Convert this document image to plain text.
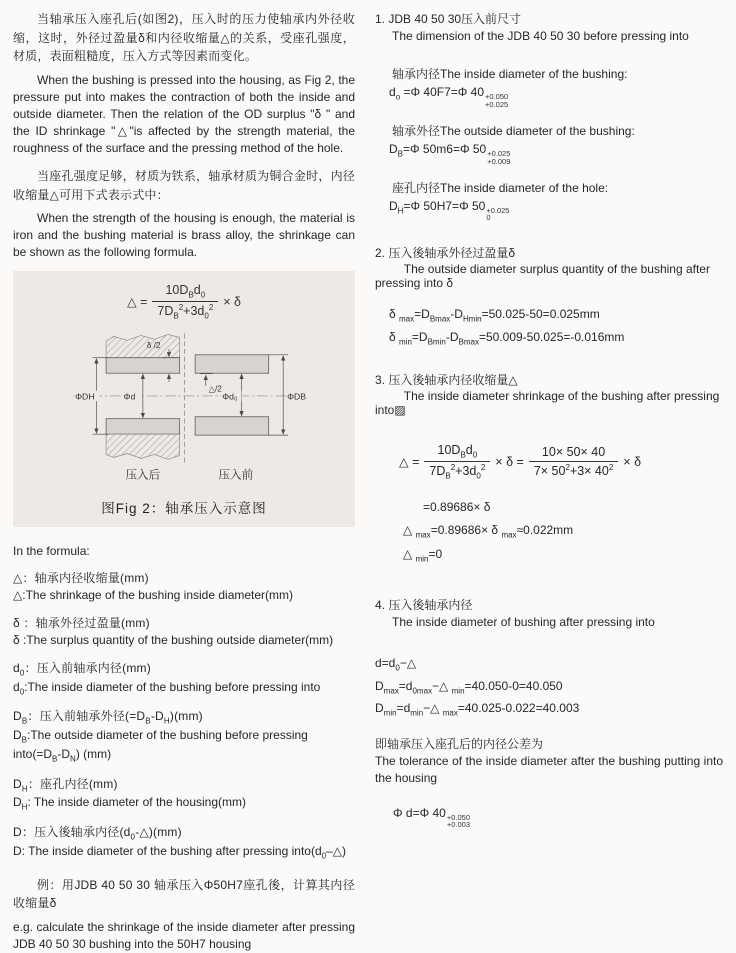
当轴承压入座孔后(如图2)，压入时的压力使轴承内外径收缩，这时，外径过盈量δ和内径收缩量△的关系，受座孔强度，材质，表面粗糙度，压入方式等因素而变化。

When the bushing is pressed into the housing, as Fig 2, the pressure put into makes the contraction of both the inside and outside diameter. Then the relation of the OD surplus "δ " and the ID shrinkage "△"is affected by the strength material, the roughness of the surface and the pressing method of the hole.

当座孔强度足够，材质为铁系，轴承材质为铜合金时，内径收缩量△可用下式表示式中：

When the strength of the housing is enough, the material is iron and the bushing material is brass alloy, the shrinkage can be shown as the following formula.

△ = $\frac{10D_Bd_0}{7D_B^2+3d_0^2} \times \delta$
ΦDH	Φd	Φd₀	ΦDB
δ /2
△/2
压入后	压入前
图Fig 2：轴承压入示意图

In the formula:

△：轴承内径收缩量(mm)
△:The shrinkage of the bushing inside diameter(mm)
δ ：轴承外径过盈量(mm)
δ :The surplus quantity of the bushing outside diameter(mm)
$d_0$：压入前轴承内径(mm)
$d_0:The$ inside diameter of the bushing before pressing into
$D_B$：压入前轴承外径$(=D_B-D_H)(mm)$
$D_B:The$ outside diameter of the bushing before pressing $into(=D_B-D_N)$ (mm)
$D_H$：座孔内径(mm)
$D_H$: The inside diameter of the housing(mm)
D：压入後轴承内径$(d_0-\triangle)(mm)$
D: The inside diameter of the bushing after pressing $into(d_0-\triangle)$

例：用JDB 40 50 30 轴承压入Φ50H7座孔後，计算其内径收缩量δ

e.g. calculate the shrinkage of the inside diameter after pressing JDB 40 50 30 bushing into the 50H7 housing

1. JDB 40 50 30压入前尺寸
The dimension of the JDB 40 50 30 before pressing into
轴承内径The inside diameter of the bushing:
$d_o =\Phi$ 40F7=Φ 40 +0.050
+0.025
轴承外径The outside diameter of the bushing:
$D_B=\Phi$ 50m6=Φ 50 +0.025
+0.009
座孔内径The inside diameter of the hole:
$D_H=\Phi$ 50H7=Φ 50 +0.025
0
2. 压入後轴承外径过盈量δ
The outside diameter surplus quantity of the bushing after pressing into δ
δ $_{max}=D_{Bmax}-D_{Hmin}=50.025-50=0.025mm$
δ $_{min}=D_{Bmin}-D_{Bmax}=50.009-50.025=-0.016mm$
3. 压入後轴承内径收缩量△
The inside diameter shrinkage of the bushing after pressing into▨
△ = $\frac{10D_Bd_0}{7D_B^2+3d_0^2} \times \delta = \frac{10\times 50\times 40}{7\times 50^2+3\times 40^2} \times \delta$
=0.89686× δ
△ $_{max}$=0.89686× δ $_{max}$≈0.022mm
△ $_{min}$=0
4. 压入後轴承内径
The inside diameter of bushing after pressing into
$d=d_0-\triangle$
$D_{max}=d_{0max}-\triangle$ $_{min}$=40.050-0=40.050
$D_{min}=d_{min}-\triangle$ $_{max}$=40.025-0.022=40.003
即轴承压入座孔后的内径公差为
The tolerance of the inside diameter after the bushing putting into the housing
Φ d=Φ 40 +0.050
+0.003
